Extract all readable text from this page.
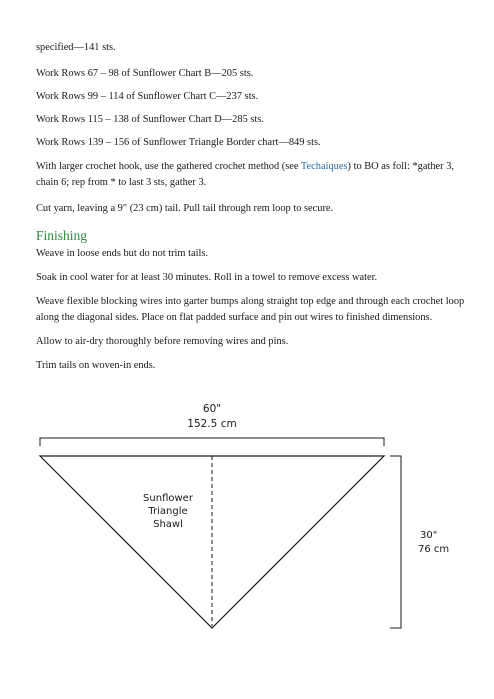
specified—141 sts.

Work Rows 67 – 98 of Sunflower Chart B—205 sts.

Work Rows 99 – 114 of Sunflower Chart C—237 sts.

Work Rows 115 – 138 of Sunflower Chart D—285 sts.

Work Rows 139 – 156 of Sunflower Triangle Border chart—849 sts.

With larger crochet hook, use the gathered crochet method (see Techaiques) to BO as foll: *gather 3, chain 6; rep from * to last 3 sts, gather 3.

Cut yarn, leaving a 9" (23 cm) tail. Pull tail through rem loop to secure.

Finishing

Weave in loose ends but do not trim tails.

Soak in cool water for at least 30 minutes. Roll in a towel to remove excess water.

Weave flexible blocking wires into garter bumps along straight top edge and through each crochet loop along the diagonal sides. Place on flat padded surface and pin out wires to finished dimensions.

Allow to air-dry thoroughly before removing wires and pins.

Trim tails on woven-in ends.

60"
152.5 cm
Sunflower
Triangle
Shawl
30"
76 cm
